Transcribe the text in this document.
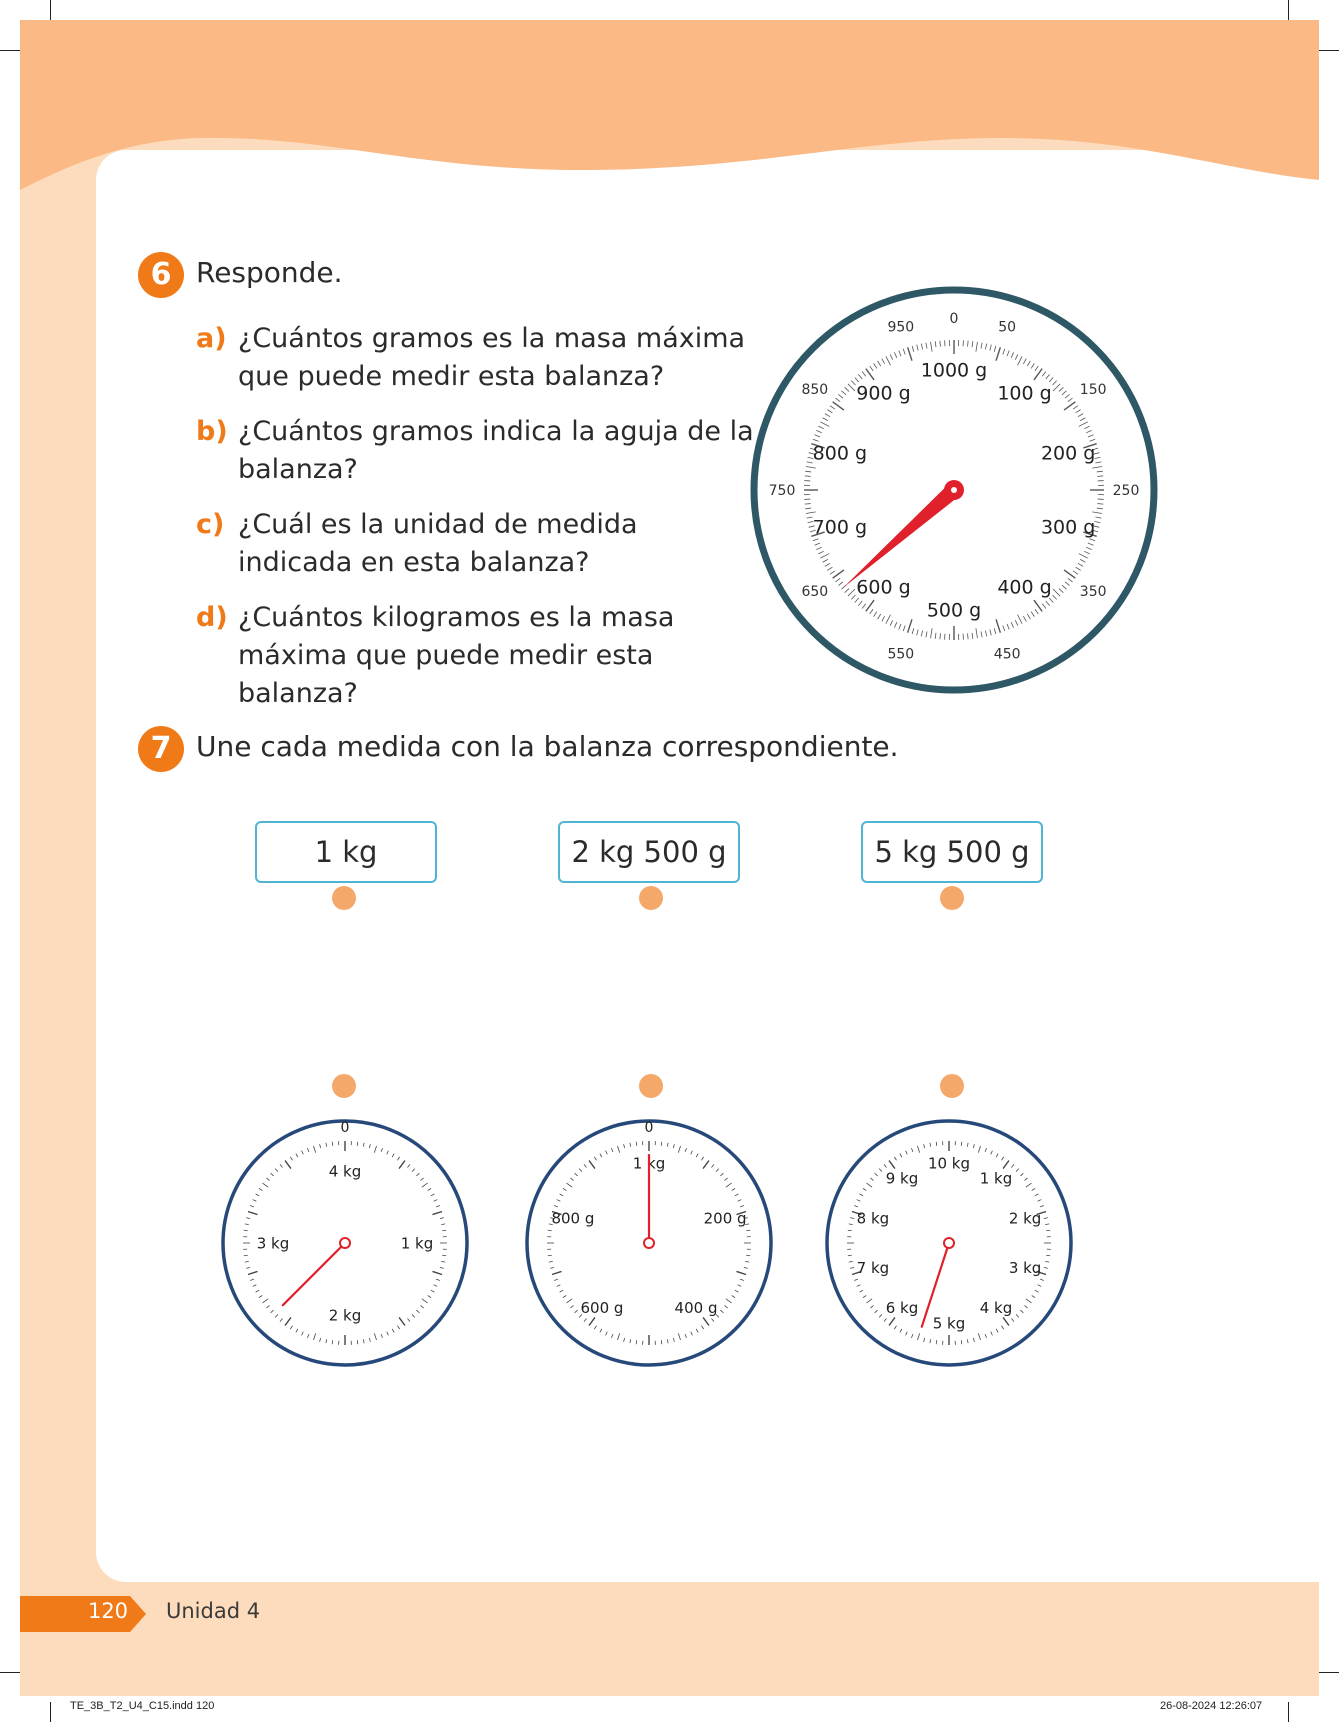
6 Responde.
a) ¿Cuántos gramos es la masa máxima que puede medir esta balanza?
b) ¿Cuántos gramos indica la aguja de la balanza?
c) ¿Cuál es la unidad de medida indicada en esta balanza?
d) ¿Cuántos kilogramos es la masa máxima que puede medir esta balanza?
0
50
150
250
350
450
550
650
750
850
950
1000 g
100 g
200 g
300 g
400 g
500 g
600 g
700 g
800 g
900 g
7 Une cada medida con la balanza correspondiente.
1 kg	2 kg 500 g	5 kg 500 g
0
4 kg
1 kg
2 kg
3 kg
0
1 kg
200 g
400 g
600 g
800 g
10 kg
1 kg
2 kg
3 kg
4 kg
5 kg
6 kg
7 kg
8 kg
9 kg
120	Unidad 4
TE_3B_T2_U4_C15.indd 120	26-08-2024 12:26:07
